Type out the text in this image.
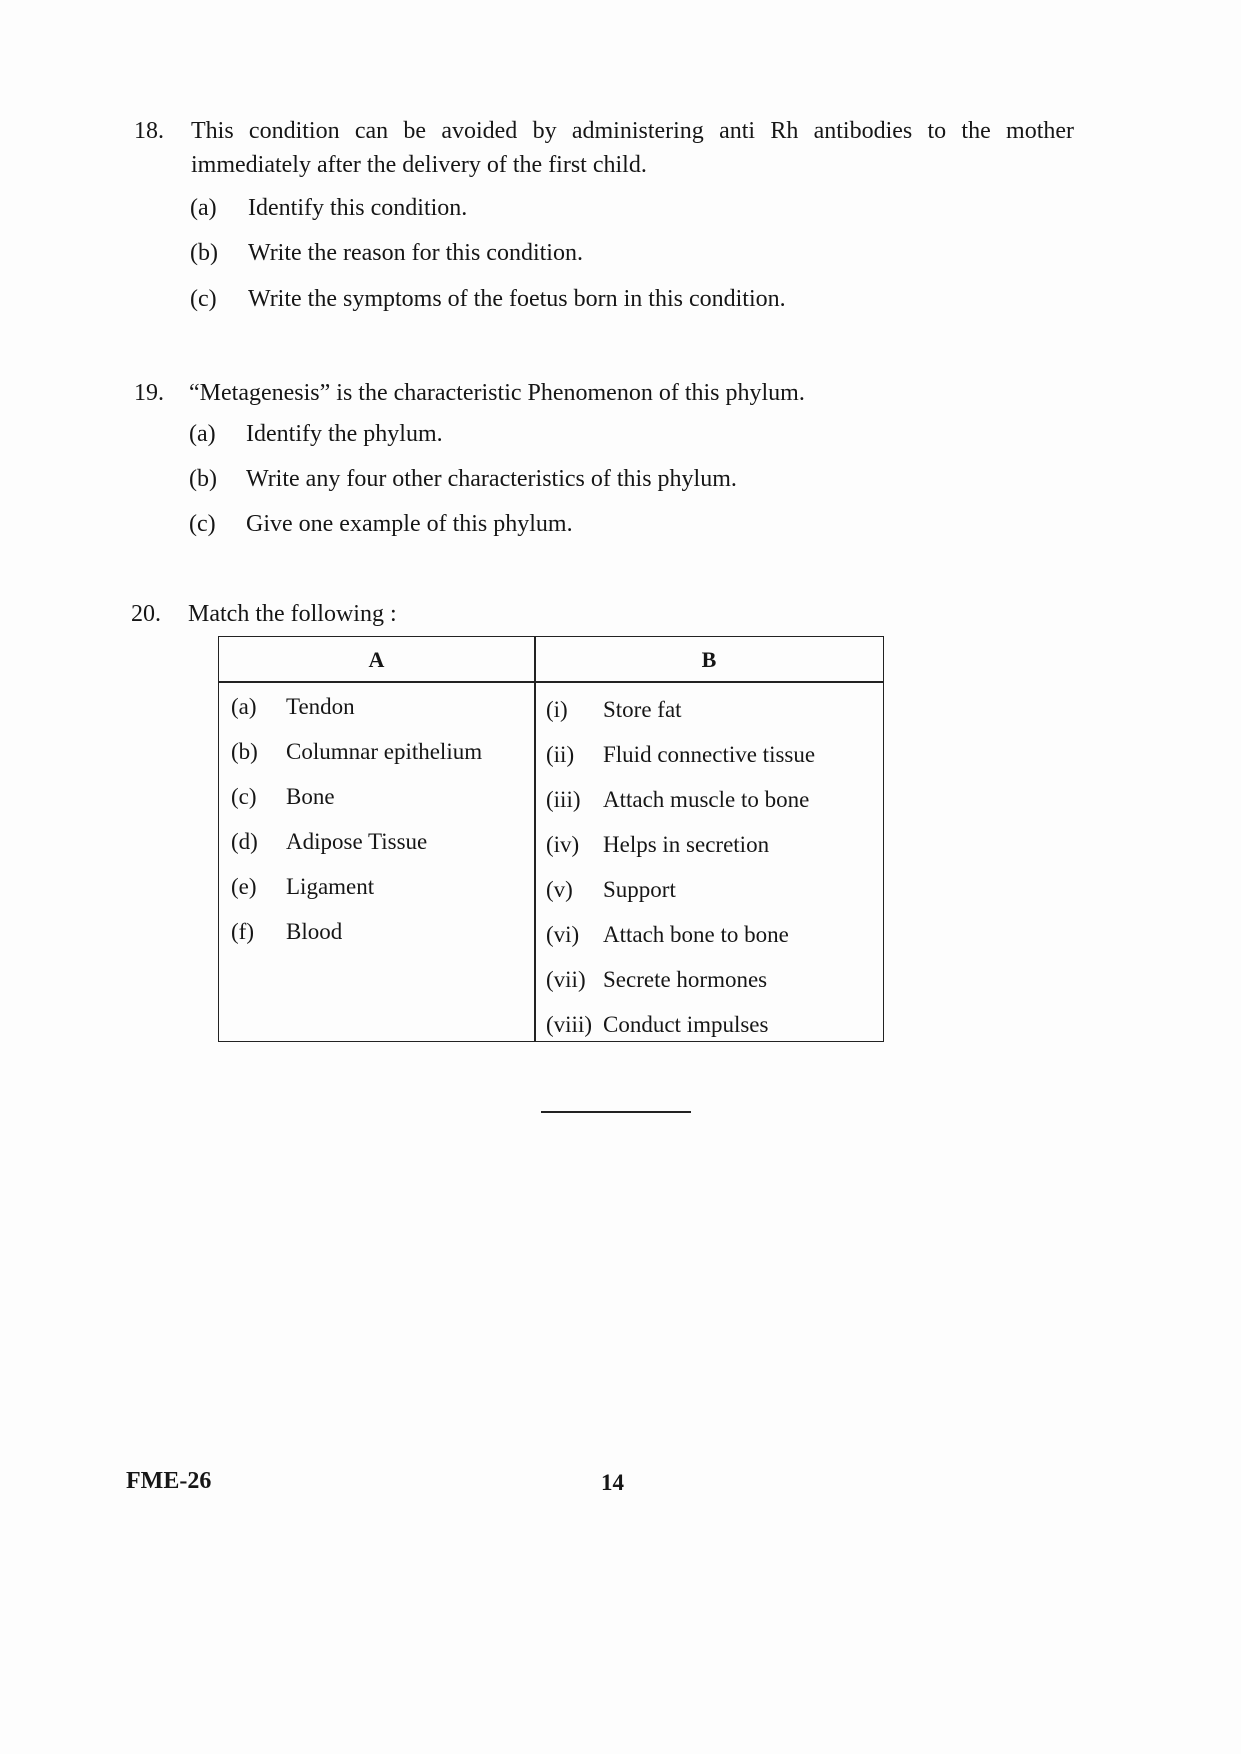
18. This condition can be avoided by administering anti Rh antibodies to the mother
immediately after the delivery of the first child.
(a) Identify this condition.
(b) Write the reason for this condition.
(c) Write the symptoms of the foetus born in this condition.
19. “Metagenesis” is the characteristic Phenomenon of this phylum.
(a) Identify the phylum.
(b) Write any four other characteristics of this phylum.
(c) Give one example of this phylum.
20. Match the following :
A	B
(a) Tendon
(b) Columnar epithelium
(c) Bone
(d) Adipose Tissue
(e) Ligament
(f) Blood
(i) Store fat
(ii) Fluid connective tissue
(iii) Attach muscle to bone
(iv) Helps in secretion
(v) Support
(vi) Attach bone to bone
(vii) Secrete hormones
(viii) Conduct impulses
FME-26	14
